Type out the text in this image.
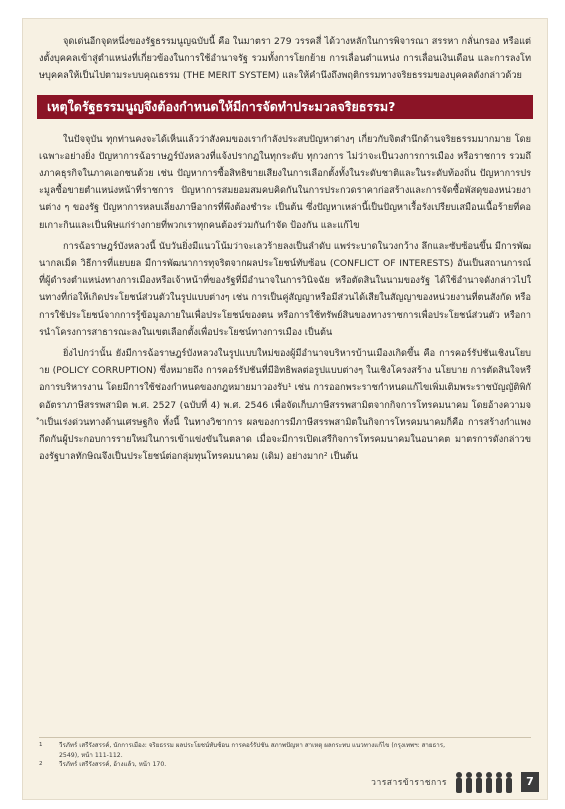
จุดเด่นอีกจุดหนึ่งของรัฐธรรมนูญฉบับนี้ คือ ในมาตรา 279 วรรคสี่ ได้วางหลักในการพิจารณา สรรหา กลั่นกรอง หรือแต่งตั้งบุคคลเข้าสู่ตำแหน่งที่เกี่ยวข้องในการใช้อำนาจรัฐ รวมทั้งการโยกย้าย การเลื่อนตำแหน่ง การเลื่อนเงินเดือน และการลงโทษบุคคลให้เป็นไปตามระบบคุณธรรม (THE MERIT SYSTEM) และให้คำนึงถึงพฤติกรรมทางจริยธรรมของบุคคลดังกล่าวด้วย

เหตุใดรัฐธรรมนูญจึงต้องกำหนดให้มีการจัดทำประมวลจริยธรรม?

ในปัจจุบัน ทุกท่านคงจะได้เห็นแล้วว่าสังคมของเรากำลังประสบปัญหาต่างๆ เกี่ยวกับจิตสำนึกด้านจริยธรรมมากมาย โดยเฉพาะอย่างยิ่ง ปัญหาการฉ้อราษฎร์บังหลวงที่แจ้งปรากฏในทุกระดับ ทุกวงการ ไม่ว่าจะเป็นวงการการเมือง หรือราชการ รวมถึงภาคธุรกิจในภาคเอกชนด้วย เช่น ปัญหาการซื้อสิทธิขายเสียงในการเลือกตั้งทั้งในระดับชาติและในระดับท้องถิ่น ปัญหาการประมูลซื้อขายตำแหน่งหน้าที่ราชการ ปัญหาการสมยอมสมคบคิดกันในการประกวดราคาก่อสร้างและการจัดซื้อพัสดุของหน่วยงานต่าง ๆ ของรัฐ ปัญหาการหลบเลี่ยงภาษีอากรที่พึงต้องชำระ เป็นต้น ซึ่งปัญหาเหล่านี้เป็นปัญหาเรื้อรังเปรียบเสมือนเนื้อร้ายที่คอยเกาะกินและเป็นพิษแก่ร่างกายที่พวกเราทุกคนต้องร่วมกันกำจัด ป้องกัน และแก้ไข

การฉ้อราษฎร์บังหลวงนี้ นับวันยิ่งมีแนวโน้มว่าจะเลวร้ายลงเป็นลำดับ แพร่ระบาดในวงกว้าง ลึกและซับซ้อนขึ้น มีการพัฒนากลเม็ด วิธีการที่แยบยล มีการพัฒนาการทุจริตจากผลประโยชน์ทับซ้อน (CONFLICT OF INTERESTS) อันเป็นสถานการณ์ที่ผู้ดำรงตำแหน่งทางการเมืองหรือเจ้าหน้าที่ของรัฐที่มีอำนาจในการวินิจฉัย หรือตัดสินในนามของรัฐ ได้ใช้อำนาจดังกล่าวไปในทางที่ก่อให้เกิดประโยชน์ส่วนตัวในรูปแบบต่างๆ เช่น การเป็นคู่สัญญาหรือมีส่วนได้เสียในสัญญาของหน่วยงานที่ตนสังกัด หรือการใช้ประโยชน์จากการรู้ข้อมูลภายในเพื่อประโยชน์ของตน หรือการใช้ทรัพย์สินของทางราชการเพื่อประโยชน์ส่วนตัว หรือการนำโครงการสาธารณะลงในเขตเลือกตั้งเพื่อประโยชน์ทางการเมือง เป็นต้น

ยิ่งไปกว่านั้น ยังมีการฉ้อราษฎร์บังหลวงในรูปแบบใหม่ของผู้มีอำนาจบริหารบ้านเมืองเกิดขึ้น คือ การคอร์รัปชันเชิงนโยบาย (POLICY CORRUPTION) ซึ่งหมายถึง การคอร์รัปชันที่มีอิทธิพลต่อรูปแบบต่างๆ ในเชิงโครงสร้าง นโยบาย การตัดสินใจหรือการบริหารงาน โดยมีการใช้ช่องกำหนดของกฎหมายมาวองรับ¹ เช่น การออกพระราชกำหนดแก้ไขเพิ่มเติมพระราชบัญญัติพิกัดอัตราภาษีสรรพสามิต พ.ศ. 2527 (ฉบับที่ 4) พ.ศ. 2546 เพื่อจัดเก็บภาษีสรรพสามิตจากกิจการโทรคมนาคม โดยอ้างความจำเป็นเร่งด่วนทางด้านเศรษฐกิจ ทั้งนี้ ในทางวิชาการ ผลของการมีภาษีสรรพสามิตในกิจการโทรคมนาคมก็คือ การสร้างกำแพงกีดกันผู้ประกอบการรายใหม่ในการเข้าแข่งขันในตลาด เมื่อจะมีการเปิดเสรีกิจการโทรคมนาคมในอนาคต มาตรการดังกล่าวของรัฐบาลทักษิณจึงเป็นประโยชน์ต่อกลุ่มทุนโทรคมนาคม (เดิม) อย่างมาก² เป็นต้น

1	วีรภัทร์ เสรีรังสรรค์, นักการเมือง: จริยธรรม ผลประโยชน์ทับซ้อน การคอร์รัปชัน สภาพปัญหา สาเหตุ ผลกระทบ แนวทางแก้ไข (กรุงเทพฯ: สายธาร, 2549), หน้า 111-112.
2	วีรภัทร์ เสรีรังสรรค์, อ้างแล้ว, หน้า 170.
วารสารข้าราชการ	7
